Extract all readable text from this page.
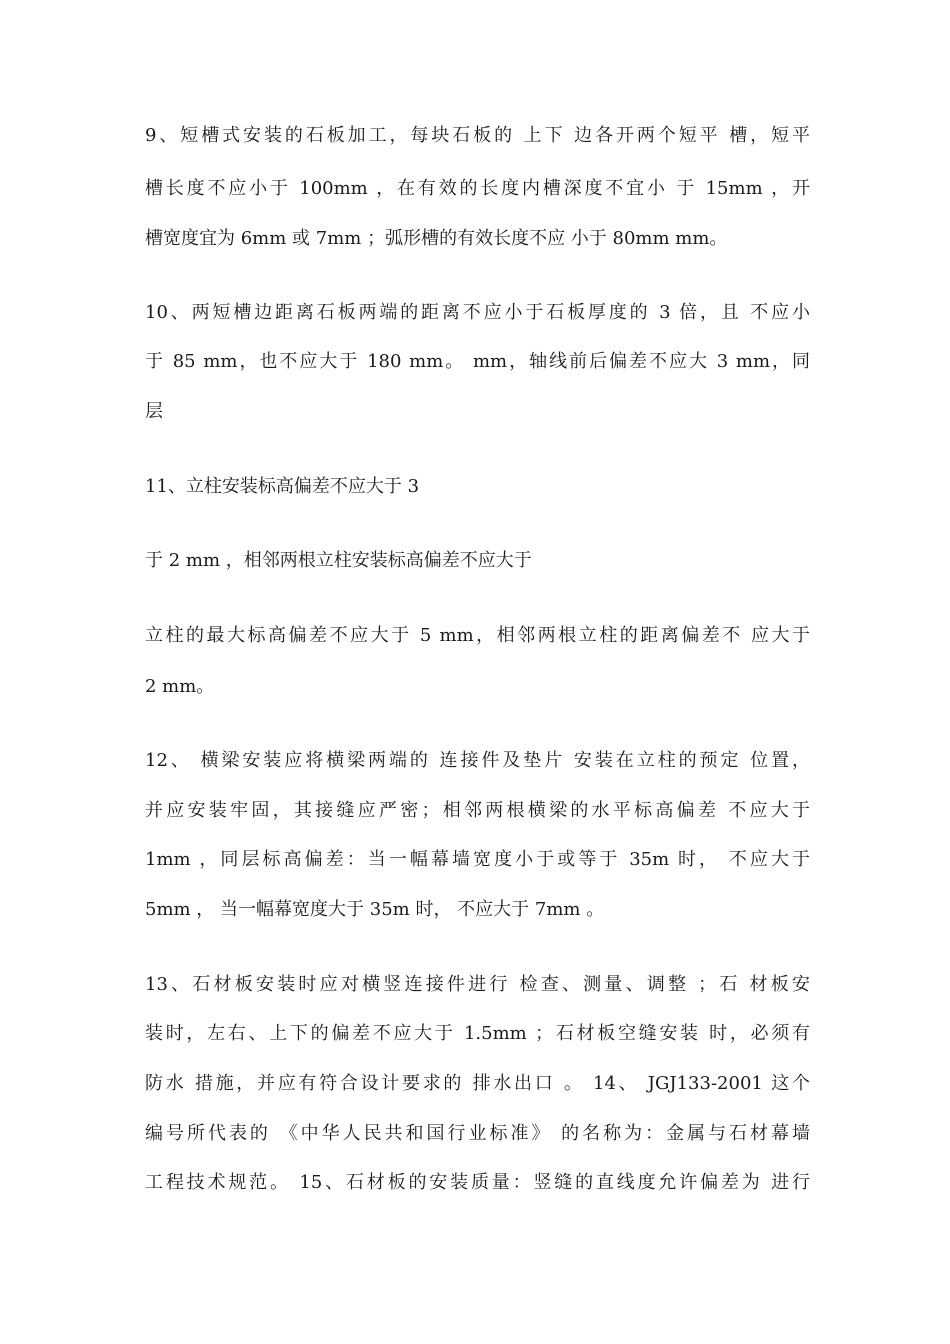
9、短槽式安装的石板加工，每块石板的 上下 边各开两个短平 槽，短平
槽长度不应小于 100mm ，在有效的长度内槽深度不宜小 于 15mm ，开
槽宽度宜为 6mm 或 7mm ；弧形槽的有效长度不应 小于 80mm mm。
10、两短槽边距离石板两端的距离不应小于石板厚度的 3 倍，且 不应小
于 85 mm，也不应大于 180 mm。 mm，轴线前后偏差不应大 3 mm，同
层
11、立柱安装标高偏差不应大于 3
于 2 mm ，相邻两根立柱安装标高偏差不应大于
立柱的最大标高偏差不应大于 5 mm，相邻两根立柱的距离偏差不 应大于
2 mm。
12、 横梁安装应将横梁两端的 连接件及垫片 安装在立柱的预定 位置，
并应安装牢固，其接缝应严密；相邻两根横梁的水平标高偏差 不应大于
1mm ，同层标高偏差：当一幅幕墙宽度小于或等于 35m 时， 不应大于
5mm ， 当一幅幕宽度大于 35m 时， 不应大于 7mm 。
13、石材板安装时应对横竖连接件进行 检查、测量、调整 ；石 材板安
装时，左右、上下的偏差不应大于 1.5mm ；石材板空缝安装 时，必须有
防水 措施，并应有符合设计要求的 排水出口 。 14、 JGJ133-2001 这个
编号所代表的 《中华人民共和国行业标准》 的名称为：金属与石材幕墙
工程技术规范。 15、石材板的安装质量：竖缝的直线度允许偏差为 进行
